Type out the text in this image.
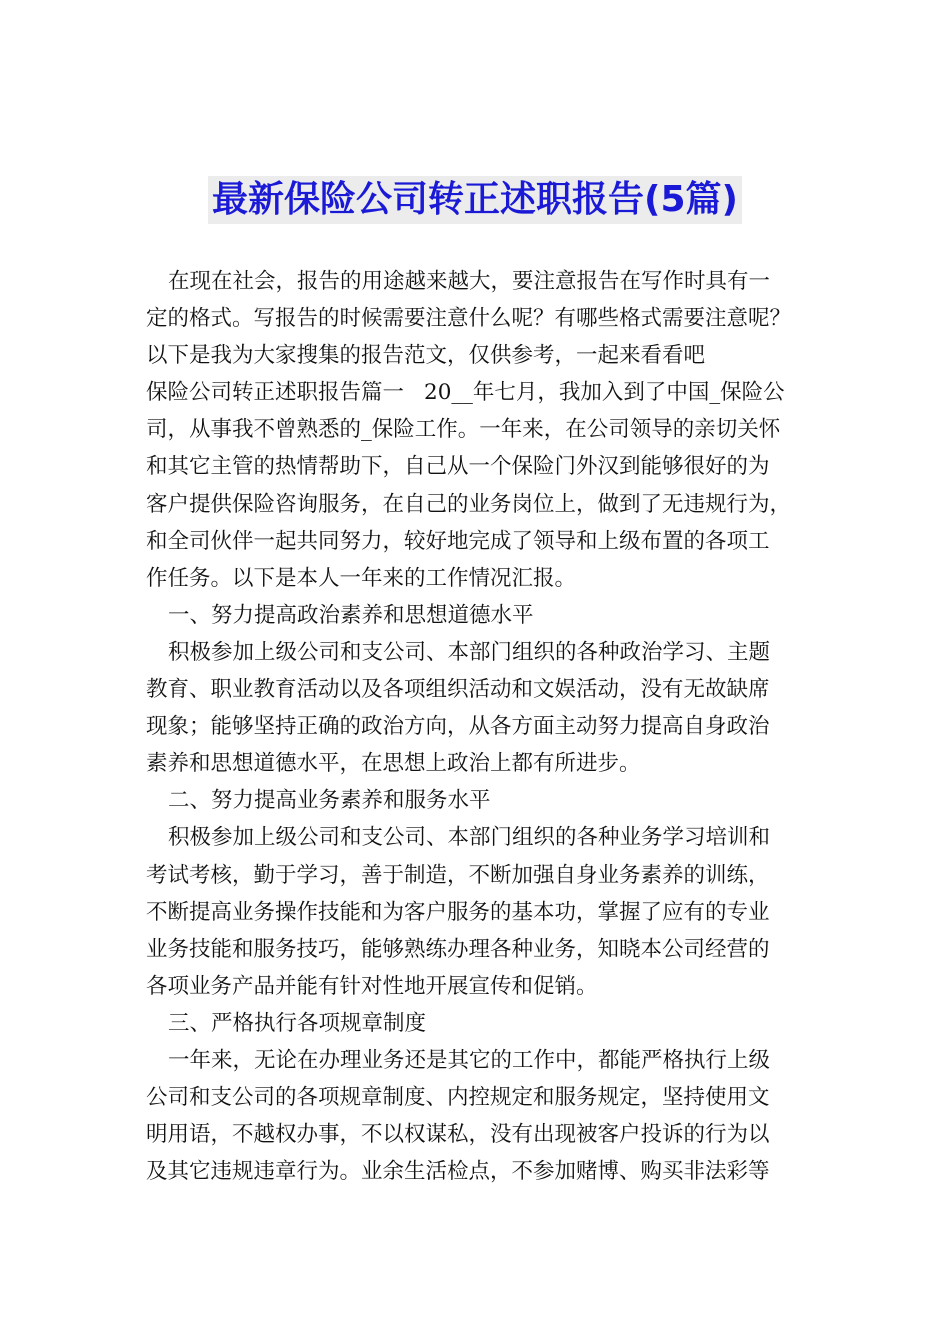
最新保险公司转正述职报告(5篇)
在现在社会，报告的用途越来越大，要注意报告在写作时具有一
定的格式。写报告的时候需要注意什么呢？有哪些格式需要注意呢？
以下是我为大家搜集的报告范文，仅供参考，一起来看看吧
保险公司转正述职报告篇一 20__年七月，我加入到了中国_保险公
司，从事我不曾熟悉的_保险工作。一年来，在公司领导的亲切关怀
和其它主管的热情帮助下，自己从一个保险门外汉到能够很好的为
客户提供保险咨询服务，在自己的业务岗位上，做到了无违规行为，
和全司伙伴一起共同努力，较好地完成了领导和上级布置的各项工
作任务。以下是本人一年来的工作情况汇报。
一、努力提高政治素养和思想道德水平
积极参加上级公司和支公司、本部门组织的各种政治学习、主题
教育、职业教育活动以及各项组织活动和文娱活动，没有无故缺席
现象；能够坚持正确的政治方向，从各方面主动努力提高自身政治
素养和思想道德水平，在思想上政治上都有所进步。
二、努力提高业务素养和服务水平
积极参加上级公司和支公司、本部门组织的各种业务学习培训和
考试考核，勤于学习，善于制造，不断加强自身业务素养的训练，
不断提高业务操作技能和为客户服务的基本功，掌握了应有的专业
业务技能和服务技巧，能够熟练办理各种业务，知晓本公司经营的
各项业务产品并能有针对性地开展宣传和促销。
三、严格执行各项规章制度
一年来，无论在办理业务还是其它的工作中，都能严格执行上级
公司和支公司的各项规章制度、内控规定和服务规定，坚持使用文
明用语，不越权办事，不以权谋私，没有出现被客户投诉的行为以
及其它违规违章行为。业余生活检点，不参加赌博、购买非法彩等
